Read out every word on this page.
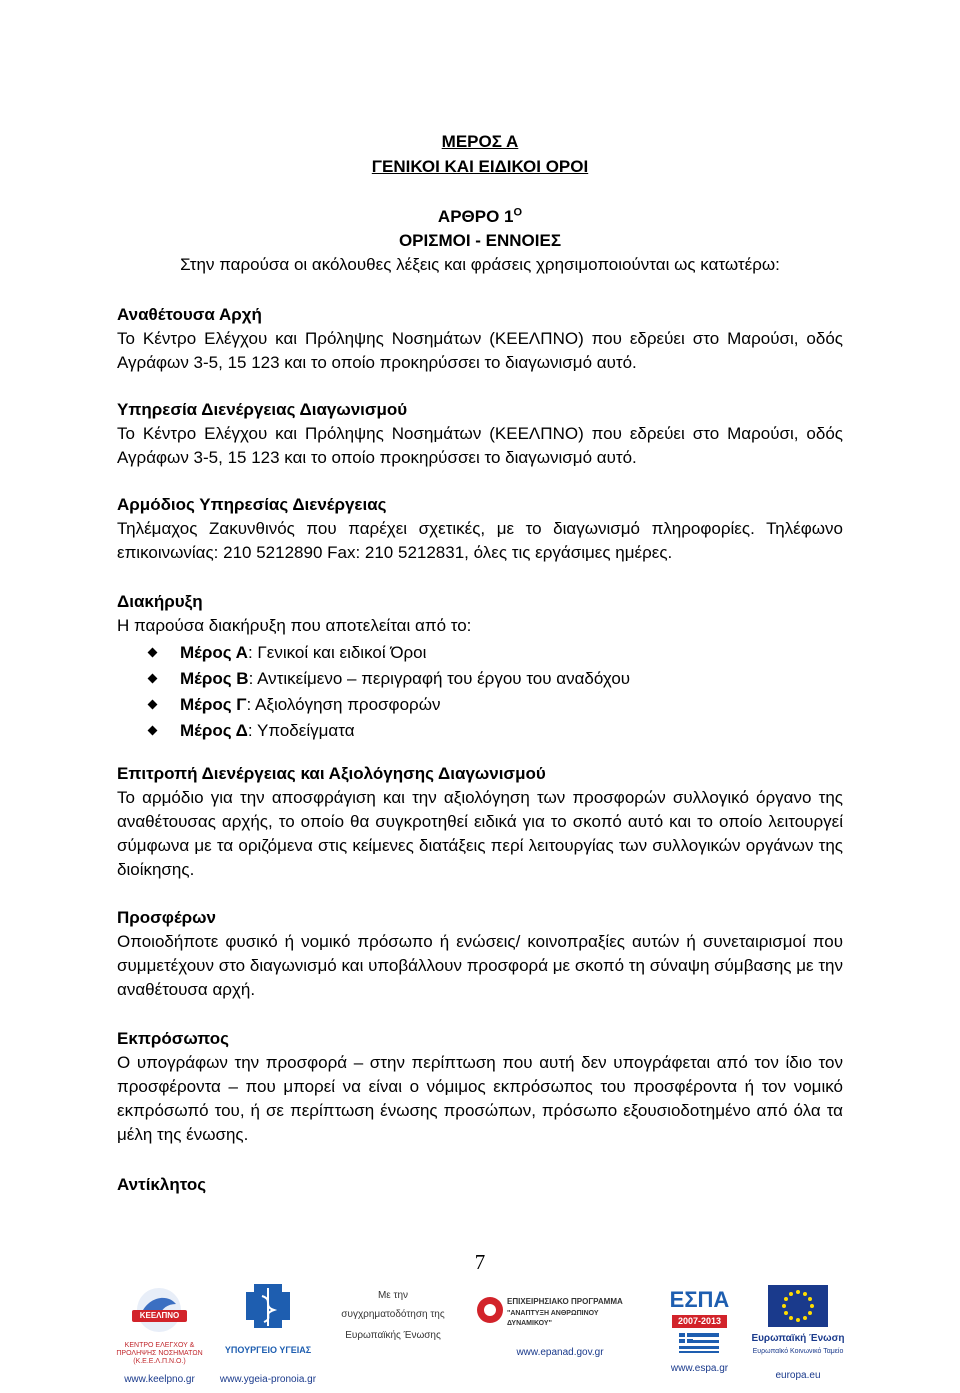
ΜΕΡΟΣ Α
ΓΕΝΙΚΟΙ ΚΑΙ ΕΙΔΙΚΟΙ ΟΡΟΙ
ΑΡΘΡΟ $1^O$
ΟΡΙΣΜΟΙ - ΕΝΝΟΙΕΣ
Στην παρούσα οι ακόλουθες λέξεις και φράσεις χρησιμοποιούνται ως κατωτέρω:

Αναθέτουσα Αρχή

Το Κέντρο Ελέγχου και Πρόληψης Νοσημάτων (ΚΕΕΛΠΝΟ) που εδρεύει στο Μαρούσι, οδός

Αγράφων 3-5, 15 123 και το οποίο προκηρύσσει το διαγωνισμό αυτό.

Υπηρεσία Διενέργειας Διαγωνισμού

Το Κέντρο Ελέγχου και Πρόληψης Νοσημάτων (ΚΕΕΛΠΝΟ) που εδρεύει στο Μαρούσι, οδός

Αγράφων 3-5, 15 123 και το οποίο προκηρύσσει το διαγωνισμό αυτό.

Αρμόδιος Υπηρεσίας Διενέργειας

Τηλέμαχος Ζακυνθινός που παρέχει σχετικές, με το διαγωνισμό πληροφορίες. Τηλέφωνο

επικοινωνίας: 210 5212890 Fax: 210 5212831, όλες τις εργάσιμες ημέρες.

Διακήρυξη

Η παρούσα διακήρυξη που αποτελείται από το:

Μέρος Α: Γενικοί και ειδικοί Όροι
Μέρος Β: Αντικείμενο – περιγραφή του έργου του αναδόχου
Μέρος Γ: Αξιολόγηση προσφορών
Μέρος Δ: Υποδείγματα

Επιτροπή Διενέργειας και Αξιολόγησης Διαγωνισμού

Το αρμόδιο για την αποσφράγιση και την αξιολόγηση των προσφορών συλλογικό όργανο της αναθέτουσας αρχής, το οποίο θα συγκροτηθεί ειδικά για το σκοπό αυτό και το οποίο λειτουργεί σύμφωνα με τα οριζόμενα στις κείμενες διατάξεις περί λειτουργίας των συλλογικών οργάνων της διοίκησης.

Προσφέρων

Οποιοδήποτε φυσικό ή νομικό πρόσωπο ή ενώσεις/ κοινοπραξίες αυτών ή συνεταιρισμοί που συμμετέχουν στο διαγωνισμό και υποβάλλουν προσφορά με σκοπό τη σύναψη σύμβασης με την αναθέτουσα αρχή.

Εκπρόσωπος

Ο υπογράφων την προσφορά – στην περίπτωση που αυτή δεν υπογράφεται από τον ίδιο τον προσφέροντα – που μπορεί να είναι ο νόμιμος εκπρόσωπος του προσφέροντα ή τον νομικό εκπρόσωπό του, ή σε περίπτωση ένωσης προσώπων, πρόσωπο εξουσιοδοτημένο από όλα τα μέλη της ένωσης.

Αντίκλητος

7
ΚΕΕΛΠΝΟ
ΚΕΝΤΡΟ ΕΛΕΓΧΟΥ & ΠΡΟΛΗΨΗΣ ΝΟΣΗΜΑΤΩΝ (Κ.Ε.Ε.Λ.Π.Ν.Ο.)
www.keelpno.gr
ΥΠΟΥΡΓΕΙΟ ΥΓΕΙΑΣ
www.ygeia-pronoia.gr
Με την
συγχρηματοδότηση της
Ευρωπαϊκής Ένωσης
ΕΠΙΧΕΙΡΗΣΙΑΚΟ ΠΡΟΓΡΑΜΜΑ
"ΑΝΑΠΤΥΞΗ ΑΝΘΡΩΠΙΝΟΥ ΔΥΝΑΜΙΚΟΥ"
www.epanad.gov.gr
ΕΣΠΑ
2007-2013
www.espa.gr
Ευρωπαϊκή Ένωση
Ευρωπαϊκό Κοινωνικό Ταμείο
europa.eu
